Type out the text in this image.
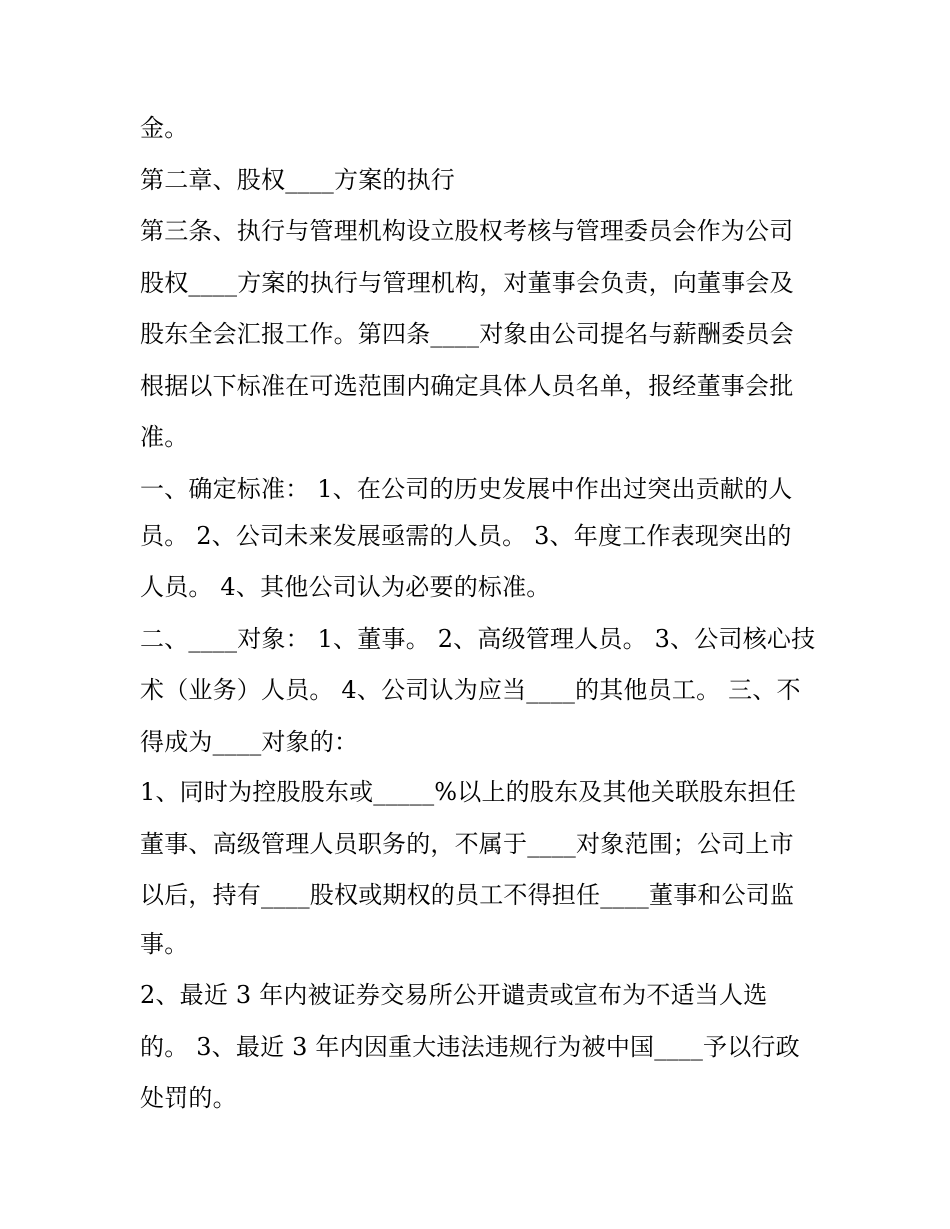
金。
第二章、股权____方案的执行
第三条、执行与管理机构设立股权考核与管理委员会作为公司
股权____方案的执行与管理机构，对董事会负责，向董事会及
股东全会汇报工作。第四条____对象由公司提名与薪酬委员会
根据以下标准在可选范围内确定具体人员名单，报经董事会批
准。
一、确定标准： 1、在公司的历史发展中作出过突出贡献的人
员。 2、公司未来发展亟需的人员。 3、年度工作表现突出的
人员。 4、其他公司认为必要的标准。
二、____对象： 1、董事。 2、高级管理人员。 3、公司核心技
术（业务）人员。 4、公司认为应当____的其他员工。 三、不
得成为____对象的：
1、同时为控股股东或_____%以上的股东及其他关联股东担任
董事、高级管理人员职务的，不属于____对象范围；公司上市
以后，持有____股权或期权的员工不得担任____董事和公司监
事。
2、最近 3 年内被证券交易所公开谴责或宣布为不适当人选
的。 3、最近 3 年内因重大违法违规行为被中国____予以行政
处罚的。
